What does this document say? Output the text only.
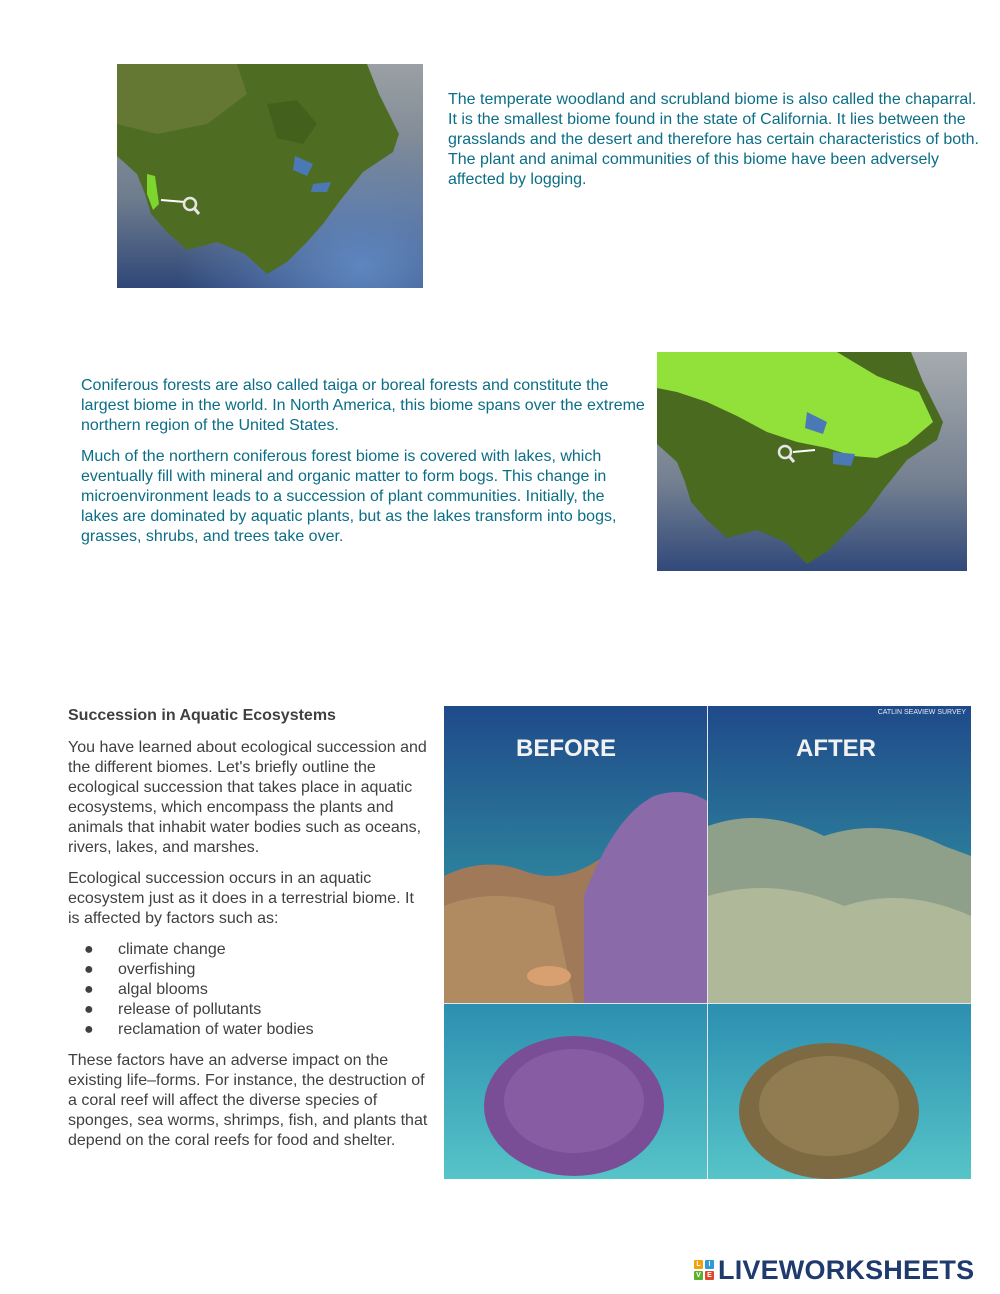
The temperate woodland and scrubland biome is also called the chaparral. It is the smallest biome found in the state of California. It lies between the grasslands and the desert and therefore has certain characteristics of both. The plant and animal communities of this biome have been adversely affected by logging.
Coniferous forests are also called taiga or boreal forests and constitute the largest biome in the world. In North America, this biome spans over the extreme northern region of the United States.
Much of the northern coniferous forest biome is covered with lakes, which eventually fill with mineral and organic matter to form bogs. This change in microenvironment leads to a succession of plant communities. Initially, the lakes are dominated by aquatic plants, but as the lakes transform into bogs, grasses, shrubs, and trees take over.
Succession in Aquatic Ecosystems
You have learned about ecological succession and the different biomes. Let's briefly outline the ecological succession that takes place in aquatic ecosystems, which encompass the plants and animals that inhabit water bodies such as oceans, rivers, lakes, and marshes.
Ecological succession occurs in an aquatic ecosystem just as it does in a terrestrial biome. It is affected by factors such as:
● climate change
● overfishing
● algal blooms
● release of pollutants
● reclamation of water bodies
These factors have an adverse impact on the existing life–forms. For instance, the destruction of a coral reef will affect the diverse species of sponges, sea worms, shrimps, fish, and plants that depend on the coral reefs for food and shelter.
BEFORE	AFTER
CATLIN SEAVIEW SURVEY
L	I
V E LIVEWORKSHEETS
